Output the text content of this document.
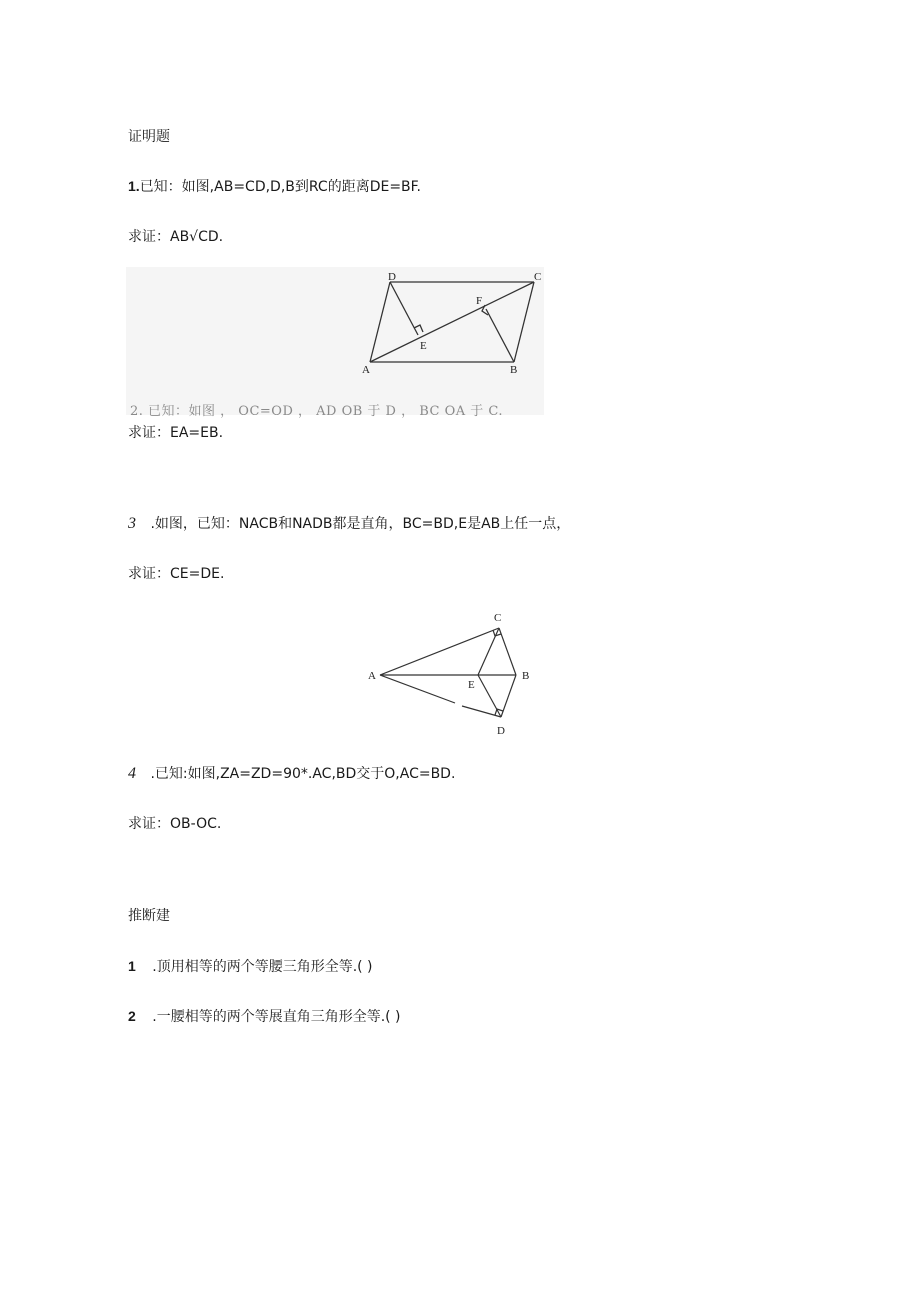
证明题
1.已知：如图,AB=CD,D,B到RC的距离DE=BF.
求证：AB√CD.
D	C
F
E
A	B
2. 已知：如图 ， OC=OD ， AD OB 于 D ， BC OA 于 C.
求证：EA=EB.
3 .如图，已知：NACB和NADB都是直角，BC=BD,E是AB上任一点，
求证：CE=DE.
C
A
E
B
D
4 .已知:如图,ZA=ZD=90*.AC,BD交于O,AC=BD.
求证：OB-OC.
推断建
1 .顶用相等的两个等腰三角形全等.( )
2 .一腰相等的两个等展直角三角形全等.( )
